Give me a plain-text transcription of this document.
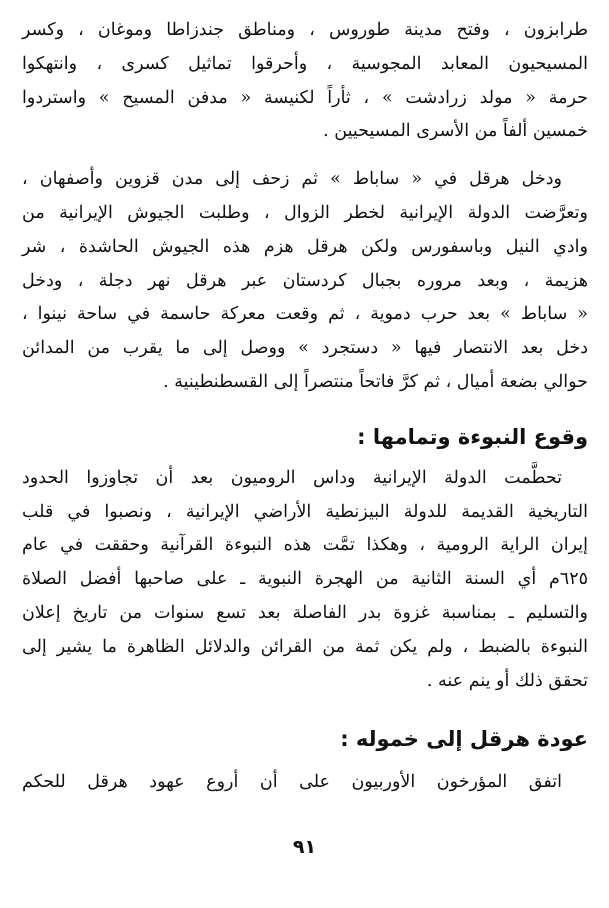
طرابزون ، وفتح مدينة طوروس ، ومناطق جندزاطا وموغان ، وكسر
المسيحيون المعابد المجوسية ، وأحرقوا تماثيل كسرى ، وانتهكوا
حرمة « مولد زرادشت » ، ثأراً لكنيسة « مدفن المسيح » واستردوا
خمسين ألفاً من الأسرى المسيحيين .
ودخل هرقل في « ساباط » ثم زحف إلى مدن قزوين وأصفهان ،
وتعرَّضت الدولة الإيرانية لخطر الزوال ، وطلبت الجيوش الإيرانية من
وادي النيل وباسفورس ولكن هرقل هزم هذه الجيوش الحاشدة ، شر
هزيمة ، وبعد مروره بجبال كردستان عبر هرقل نهر دجلة ، ودخل
« ساباط » بعد حرب دموية ، ثم وقعت معركة حاسمة في ساحة نينوا ،
دخل بعد الانتصار فيها « دستجرد » ووصل إلى ما يقرب من المدائن
حوالي بضعة أميال ، ثم كرَّ فاتحاً منتصراً إلى القسطنطينية .
وقوع النبوءة وتمامها :
تحطَّمت الدولة الإيرانية وداس الروميون بعد أن تجاوزوا الحدود
التاريخية القديمة للدولة البيزنطية الأراضي الإيرانية ، ونصبوا في قلب
إيران الراية الرومية ، وهكذا تمَّت هذه النبوءة القرآنية وحققت في عام
٦٢٥م أي السنة الثانية من الهجرة النبوية ـ على صاحبها أفضل الصلاة
والتسليم ـ بمناسبة غزوة بدر الفاصلة بعد تسع سنوات من تاريخ إعلان
النبوءة بالضبط ، ولم يكن ثمة من القرائن والدلائل الظاهرة ما يشير إلى
تحقق ذلك أو ينم عنه .
عودة هرقل إلى خموله :
اتفق المؤرخون الأوربيون على أن أروع عهود هرقل للحكم
٩١
